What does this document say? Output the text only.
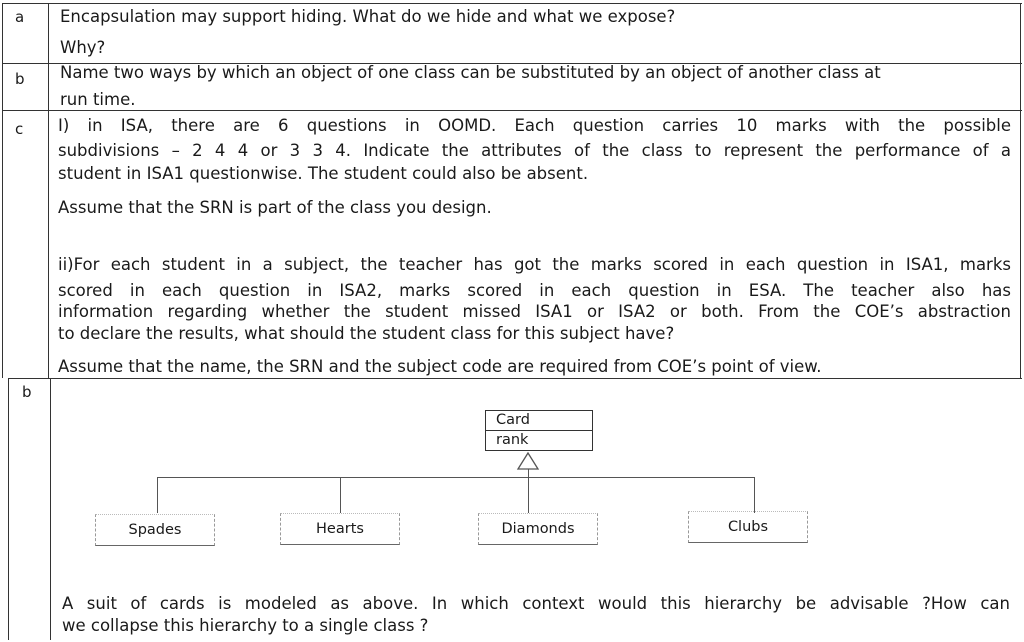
a Encapsulation may support hiding. What do we hide and what we expose?
Why?
b Name two ways by which an object of one class can be substituted by an object of another class at
run time.
c I) in ISA, there are 6 questions in OOMD. Each question carries 10 marks with the possible
subdivisions – 2 4 4 or 3 3 4. Indicate the attributes of the class to represent the performance of a
student in ISA1 questionwise. The student could also be absent.
Assume that the SRN is part of the class you design.
ii)For each student in a subject, the teacher has got the marks scored in each question in ISA1, marks
scored in each question in ISA2, marks scored in each question in ESA. The teacher also has
information regarding whether the student missed ISA1 or ISA2 or both. From the COE’s abstraction
to declare the results, what should the student class for this subject have?
Assume that the name, the SRN and the subject code are required from COE’s point of view.
b
Card
rank
Spades	Hearts	Diamonds	Clubs
A suit of cards is modeled as above. In which context would this hierarchy be advisable ?How can
we collapse this hierarchy to a single class ?
